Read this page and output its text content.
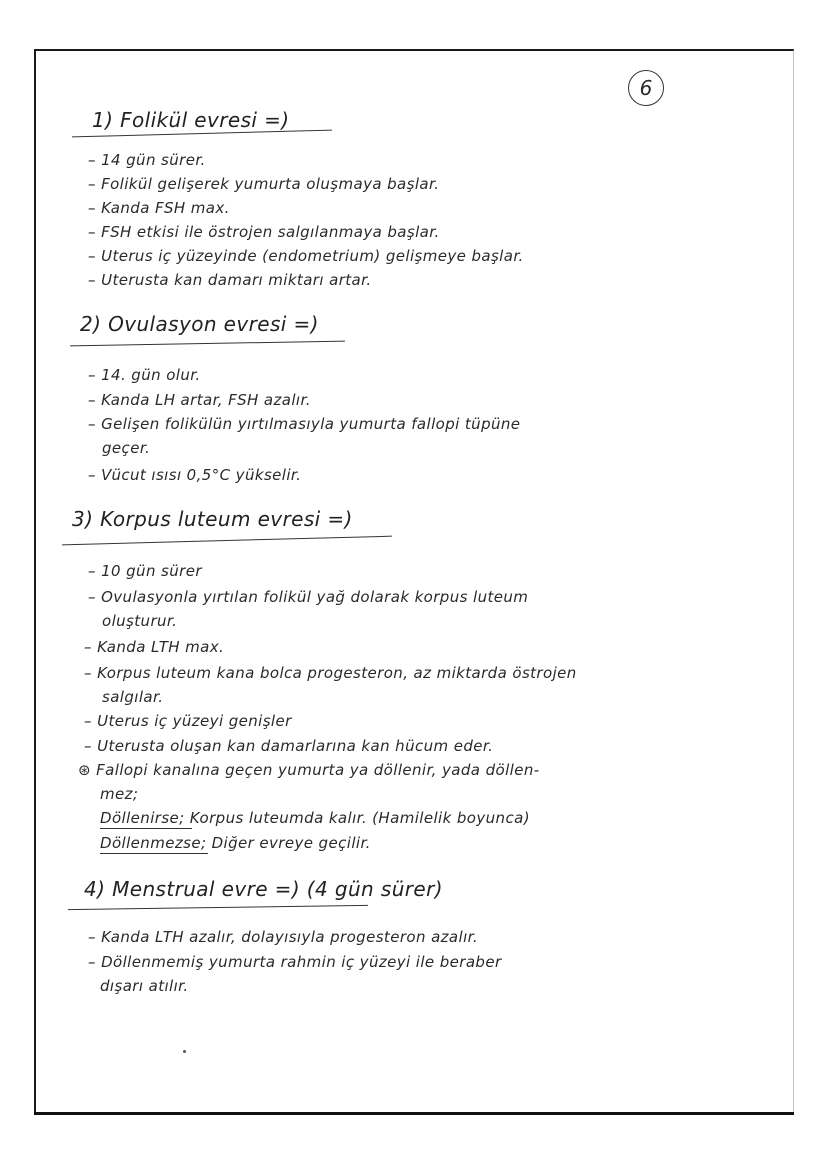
6
1) Folikül evresi =)
– 14 gün sürer.
– Folikül gelişerek yumurta oluşmaya başlar.
– Kanda FSH max.
– FSH etkisi ile östrojen salgılanmaya başlar.
– Uterus iç yüzeyinde (endometrium) gelişmeye başlar.
– Uterusta kan damarı miktarı artar.
2) Ovulasyon evresi =)
– 14. gün olur.
– Kanda LH artar, FSH azalır.
– Gelişen folikülün yırtılmasıyla yumurta fallopi tüpüne
geçer.
– Vücut ısısı 0,5°C yükselir.
3) Korpus luteum evresi =)
– 10 gün sürer
– Ovulasyonla yırtılan folikül yağ dolarak korpus luteum
oluşturur.
– Kanda LTH max.
– Korpus luteum kana bolca progesteron, az miktarda östrojen
salgılar.
– Uterus iç yüzeyi genişler
– Uterusta oluşan kan damarlarına kan hücum eder.
⊛ Fallopi kanalına geçen yumurta ya döllenir, yada döllen-
mez;
Döllenirse; Korpus luteumda kalır. (Hamilelik boyunca)
Döllenmezse; Diğer evreye geçilir.
4) Menstrual evre =) (4 gün sürer)
– Kanda LTH azalır, dolayısıyla progesteron azalır.
– Döllenmemiş yumurta rahmin iç yüzeyi ile beraber
dışarı atılır.
